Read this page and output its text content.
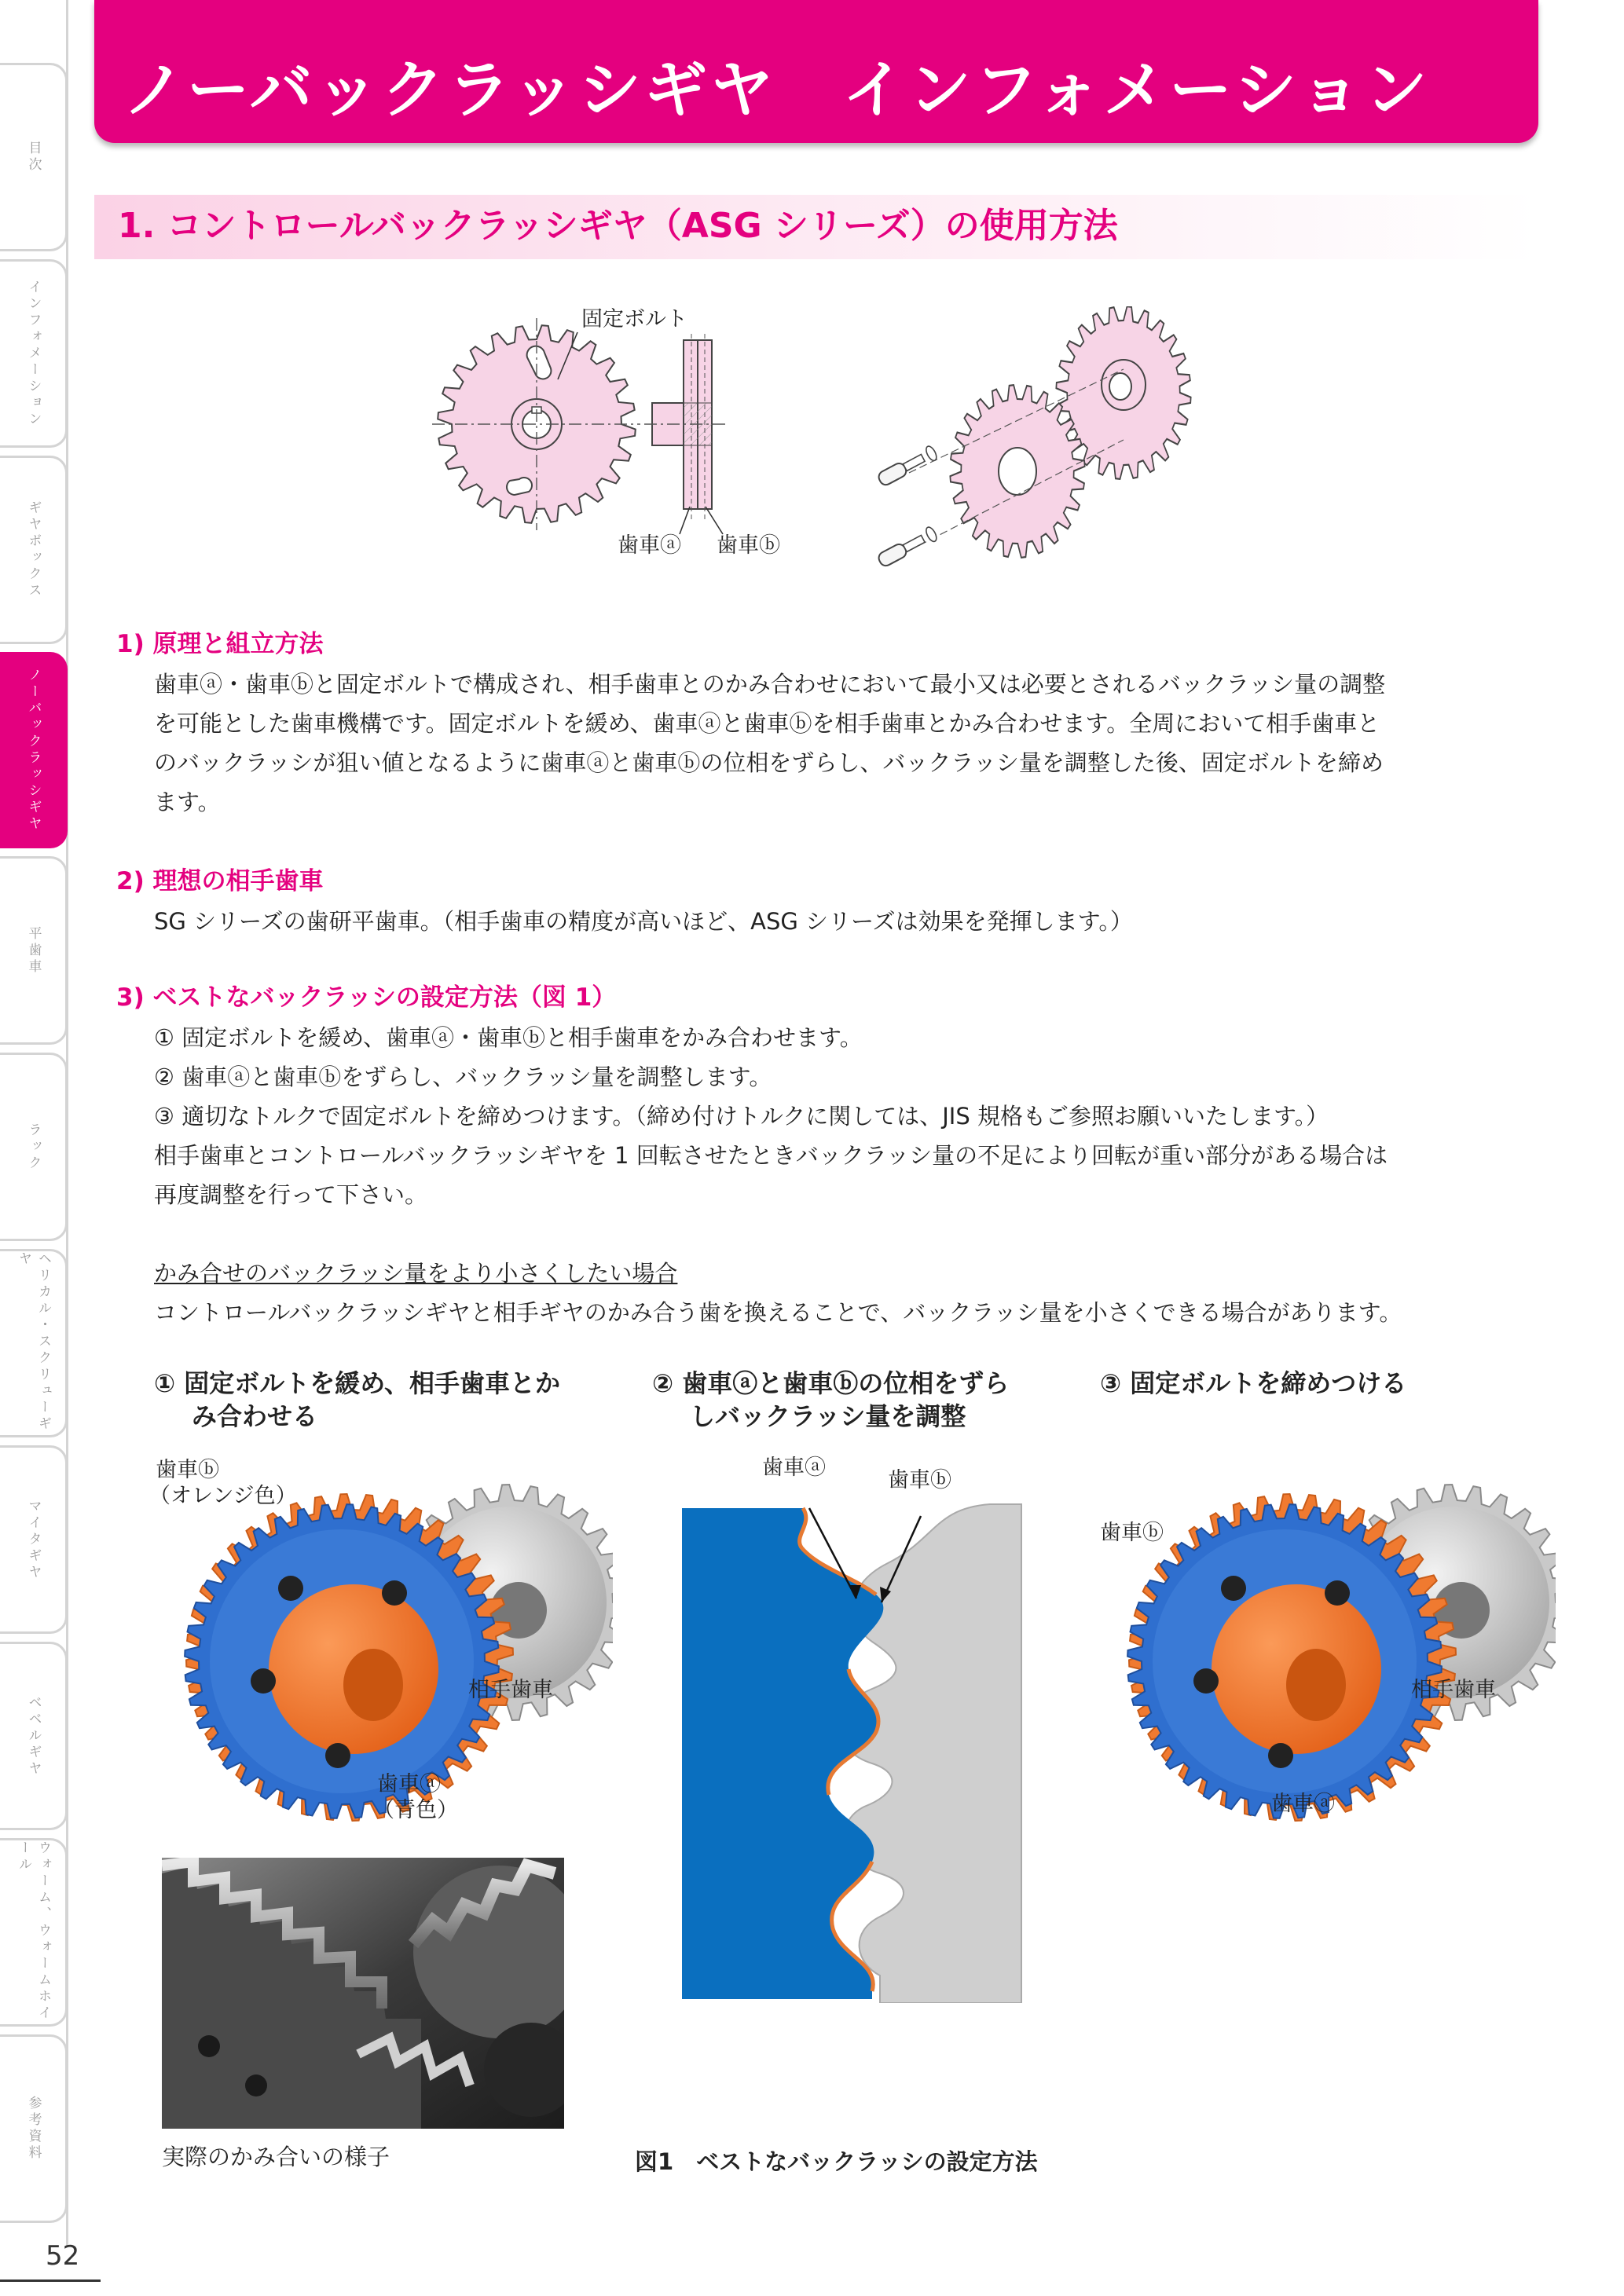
目次
インフォメーション
ギヤボックス
ノーバックラッシギヤ
平歯車
ラック
ヘリカル・スクリューギヤ
マイタギヤ
ベベルギヤ
ウォーム、ウォームホイール
参考資料
52
ノーバックラッシギヤ　インフォメーション
1. コントロールバックラッシギヤ（ASG シリーズ）の使用方法
固定ボルト
歯車ⓐ 歯車ⓑ
1) 原理と組立方法
歯車ⓐ・歯車ⓑと固定ボルトで構成され、相手歯車とのかみ合わせにおいて最小又は必要とされるバックラッシ量の調整
を可能とした歯車機構です。固定ボルトを緩め、歯車ⓐと歯車ⓑを相手歯車とかみ合わせます。全周において相手歯車と
のバックラッシが狙い値となるように歯車ⓐと歯車ⓑの位相をずらし、バックラッシ量を調整した後、固定ボルトを締め
ます。
2) 理想の相手歯車
SG シリーズの歯研平歯車。（相手歯車の精度が高いほど、ASG シリーズは効果を発揮します。）
3) ベストなバックラッシの設定方法（図 1）
① 固定ボルトを緩め、歯車ⓐ・歯車ⓑと相手歯車をかみ合わせます。
② 歯車ⓐと歯車ⓑをずらし、バックラッシ量を調整します。
③ 適切なトルクで固定ボルトを締めつけます。（締め付けトルクに関しては、JIS 規格もご参照お願いいたします。）
相手歯車とコントロールバックラッシギヤを 1 回転させたときバックラッシ量の不足により回転が重い部分がある場合は
再度調整を行って下さい。
かみ合せのバックラッシ量をより小さくしたい場合
コントロールバックラッシギヤと相手ギヤのかみ合う歯を換えることで、バックラッシ量を小さくできる場合があります。
① 固定ボルトを緩め、相手歯車とか
み合わせる
② 歯車ⓐと歯車ⓑの位相をずら
しバックラッシ量を調整
③ 固定ボルトを締めつける
歯車ⓑ
（オレンジ色）
相手歯車
歯車ⓐ
（青色）
歯車ⓐ
歯車ⓑ
歯車ⓑ
相手歯車
歯車ⓐ
実際のかみ合いの様子	図1　ベストなバックラッシの設定方法
